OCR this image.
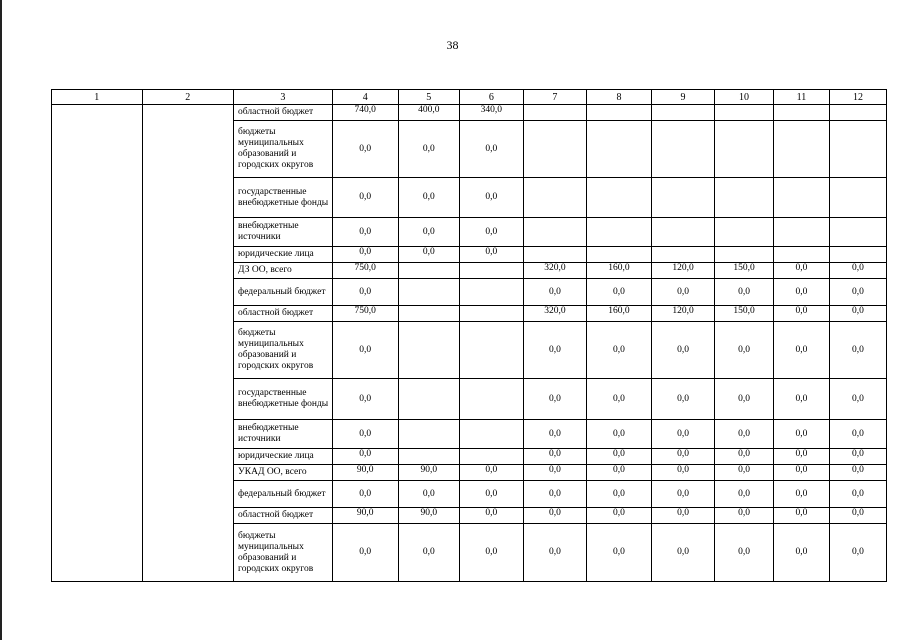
38
1	2	3	4	5	6	7	8	9	10	11	12
		областной бюджет	740,0	400,0	340,0						
		бюджеты муниципальных образований и городских округов	0,0	0,0	0,0						
		государственные внебюджетные фонды	0,0	0,0	0,0						
		внебюджетные источники	0,0	0,0	0,0						
		юридические лица	0,0	0,0	0,0						
		ДЗ ОО, всего	750,0			320,0	160,0	120,0	150,0	0,0	0,0
		федеральный бюджет	0,0			0,0	0,0	0,0	0,0	0,0	0,0
		областной бюджет	750,0			320,0	160,0	120,0	150,0	0,0	0,0
		бюджеты муниципальных образований и городских округов	0,0			0,0	0,0	0,0	0,0	0,0	0,0
		государственные внебюджетные фонды	0,0			0,0	0,0	0,0	0,0	0,0	0,0
		внебюджетные источники	0,0			0,0	0,0	0,0	0,0	0,0	0,0
		юридические лица	0,0			0,0	0,0	0,0	0,0	0,0	0,0
		УКАД ОО, всего	90,0	90,0	0,0	0,0	0,0	0,0	0,0	0,0	0,0
		федеральный бюджет	0,0	0,0	0,0	0,0	0,0	0,0	0,0	0,0	0,0
		областной бюджет	90,0	90,0	0,0	0,0	0,0	0,0	0,0	0,0	0,0
		бюджеты муниципальных образований и городских округов	0,0	0,0	0,0	0,0	0,0	0,0	0,0	0,0	0,0
